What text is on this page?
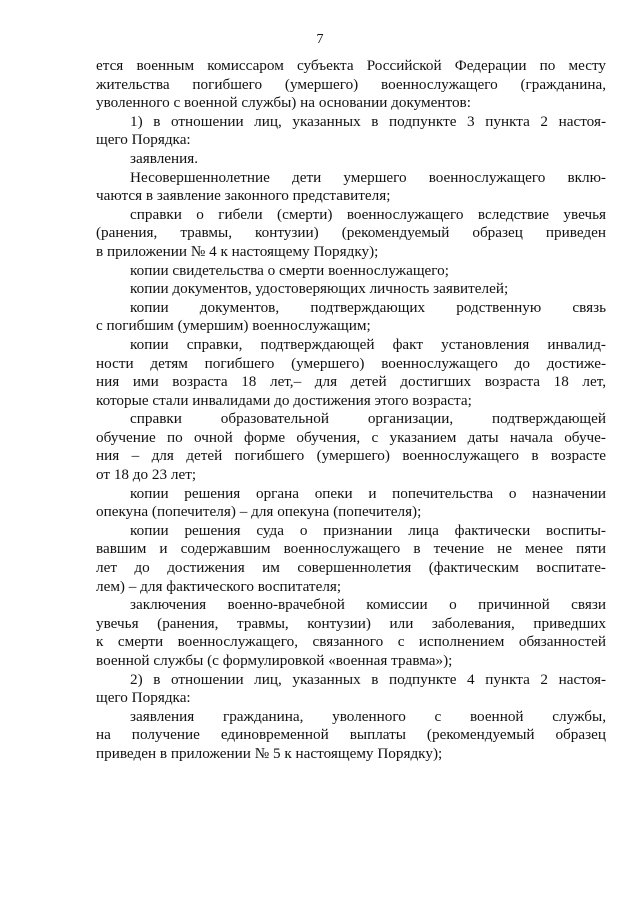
7
ется военным комиссаром субъекта Российской Федерации по месту
жительства погибшего (умершего) военнослужащего (гражданина,
уволенного с военной службы) на основании документов:
1) в отношении лиц, указанных в подпункте 3 пункта 2 настоя-
щего Порядка:
заявления.
Несовершеннолетние дети умершего военнослужащего вклю-
чаются в заявление законного представителя;
справки о гибели (смерти) военнослужащего вследствие увечья
(ранения, травмы, контузии) (рекомендуемый образец приведен
в приложении № 4 к настоящему Порядку);
копии свидетельства о смерти военнослужащего;
копии документов, удостоверяющих личность заявителей;
копии документов, подтверждающих родственную связь
с погибшим (умершим) военнослужащим;
копии справки, подтверждающей факт установления инвалид-
ности детям погибшего (умершего) военнослужащего до достиже-
ния ими возраста 18 лет,– для детей достигших возраста 18 лет,
которые стали инвалидами до достижения этого возраста;
справки образовательной организации, подтверждающей
обучение по очной форме обучения, с указанием даты начала обуче-
ния – для детей погибшего (умершего) военнослужащего в возрасте
от 18 до 23 лет;
копии решения органа опеки и попечительства о назначении
опекуна (попечителя) – для опекуна (попечителя);
копии решения суда о признании лица фактически воспиты-
вавшим и содержавшим военнослужащего в течение не менее пяти
лет до достижения им совершеннолетия (фактическим воспитате-
лем) – для фактического воспитателя;
заключения военно-врачебной комиссии о причинной связи
увечья (ранения, травмы, контузии) или заболевания, приведших
к смерти военнослужащего, связанного с исполнением обязанностей
военной службы (с формулировкой «военная травма»);
2) в отношении лиц, указанных в подпункте 4 пункта 2 настоя-
щего Порядка:
заявления гражданина, уволенного с военной службы,
на получение единовременной выплаты (рекомендуемый образец
приведен в приложении № 5 к настоящему Порядку);
